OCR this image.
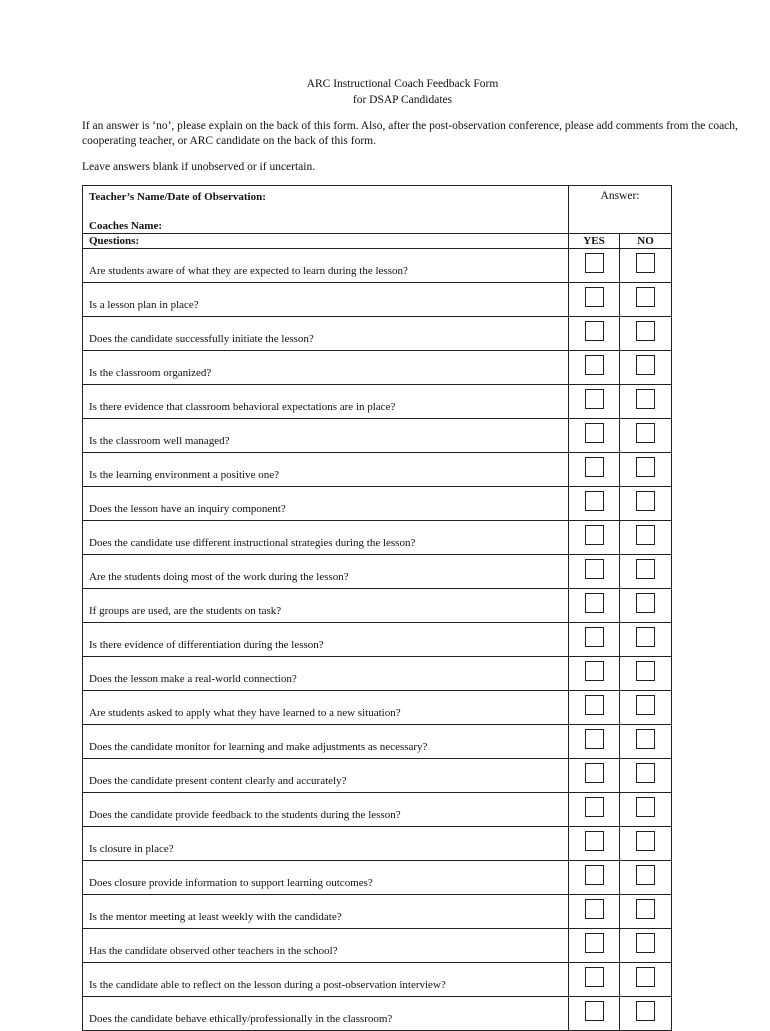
ARC Instructional Coach Feedback Form
for DSAP Candidates

If an answer is ‘no’, please explain on the back of this form. Also, after the post-observation conference, please add comments from the coach, cooperating teacher, or ARC candidate on the back of this form.

Leave answers blank if unobserved or if uncertain.

Teacher’s Name/Date of Observation:
Coaches Name:	Answer:	
Questions:	YES	NO
Are students aware of what they are expected to learn during the lesson?		
Is a lesson plan in place?		
Does the candidate successfully initiate the lesson?		
Is the classroom organized?		
Is there evidence that classroom behavioral expectations are in place?		
Is the classroom well managed?		
Is the learning environment a positive one?		
Does the lesson have an inquiry component?		
Does the candidate use different instructional strategies during the lesson?		
Are the students doing most of the work during the lesson?		
If groups are used, are the students on task?		
Is there evidence of differentiation during the lesson?		
Does the lesson make a real-world connection?		
Are students asked to apply what they have learned to a new situation?		
Does the candidate monitor for learning and make adjustments as necessary?		
Does the candidate present content clearly and accurately?		
Does the candidate provide feedback to the students during the lesson?		
Is closure in place?		
Does closure provide information to support learning outcomes?		
Is the mentor meeting at least weekly with the candidate?		
Has the candidate observed other teachers in the school?		
Is the candidate able to reflect on the lesson during a post-observation interview?		
Does the candidate behave ethically/professionally in the classroom?		
